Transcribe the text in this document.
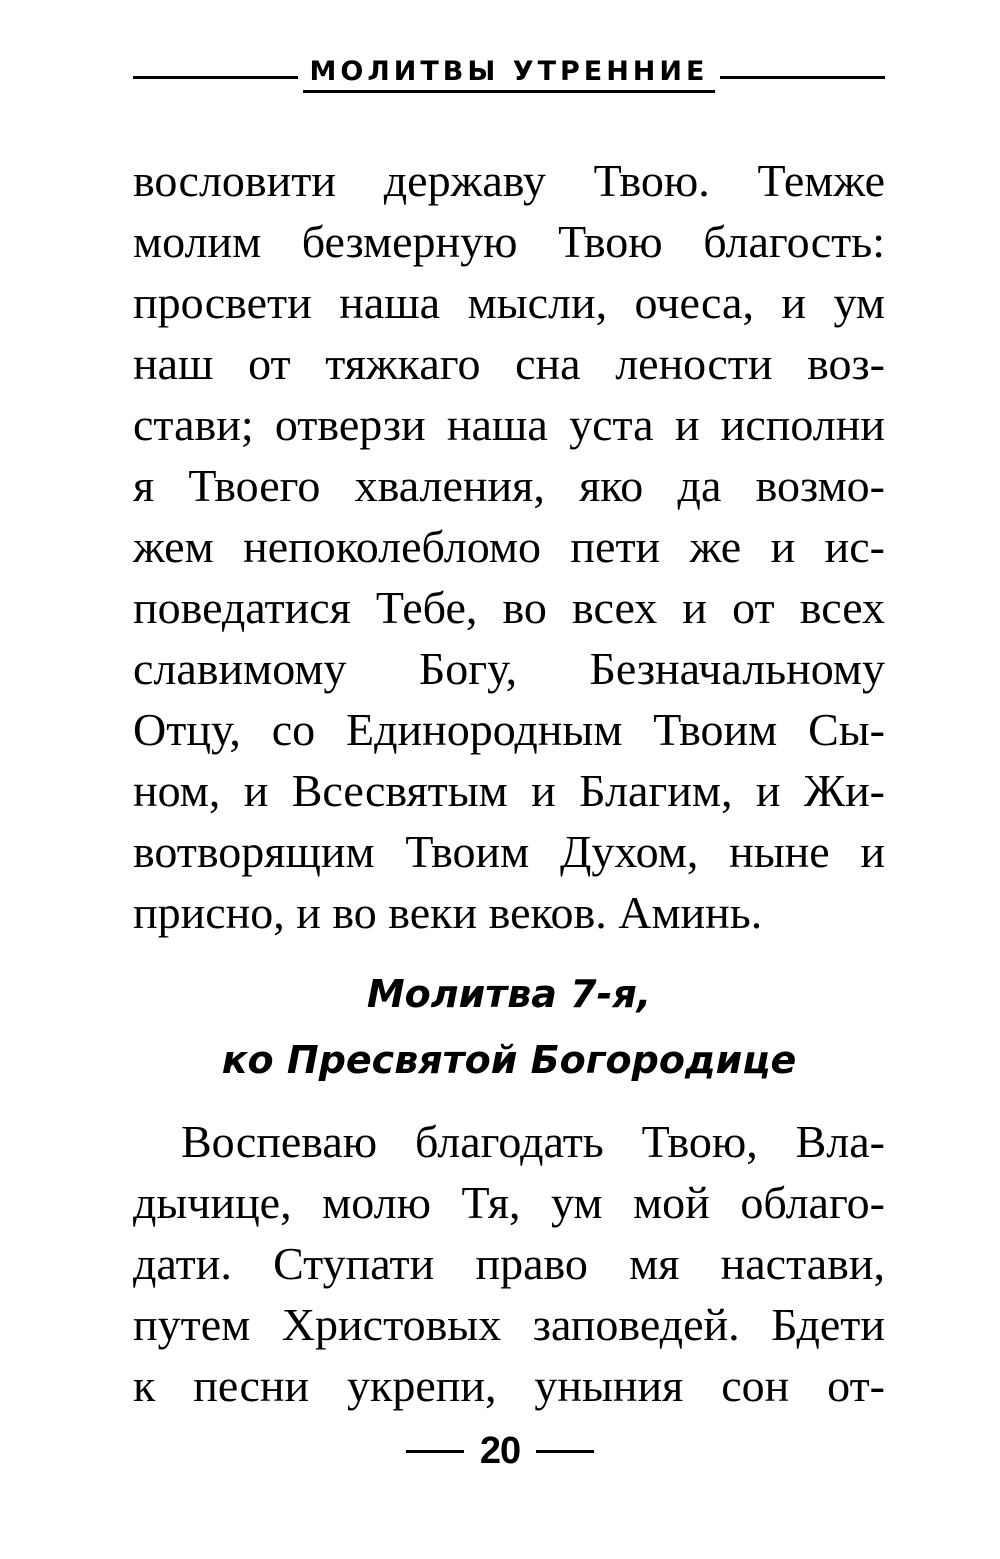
МОЛИТВЫ УТРЕННИЕ
вословити державу Твою. Темже
молим безмерную Твою благость:
просвети наша мысли, очеса, и ум
наш от тяжкаго сна лености воз-
стави; отверзи наша уста и исполни
я Твоего хваления, яко да возмо-
жем непоколебломо пети же и ис-
поведатися Тебе, во всех и от всех
славимому Богу, Безначальному
Отцу, со Единородным Твоим Сы-
ном, и Всесвятым и Благим, и Жи-
вотворящим Твоим Духом, ныне и
присно, и во веки веков. Аминь.
Молитва 7-я,
ко Пресвятой Богородице
Воспеваю благодать Твою, Вла-
дычице, молю Тя, ум мой облаго-
дати. Ступати право мя настави,
путем Христовых заповедей. Бдети
к песни укрепи, уныния сон от-
20
